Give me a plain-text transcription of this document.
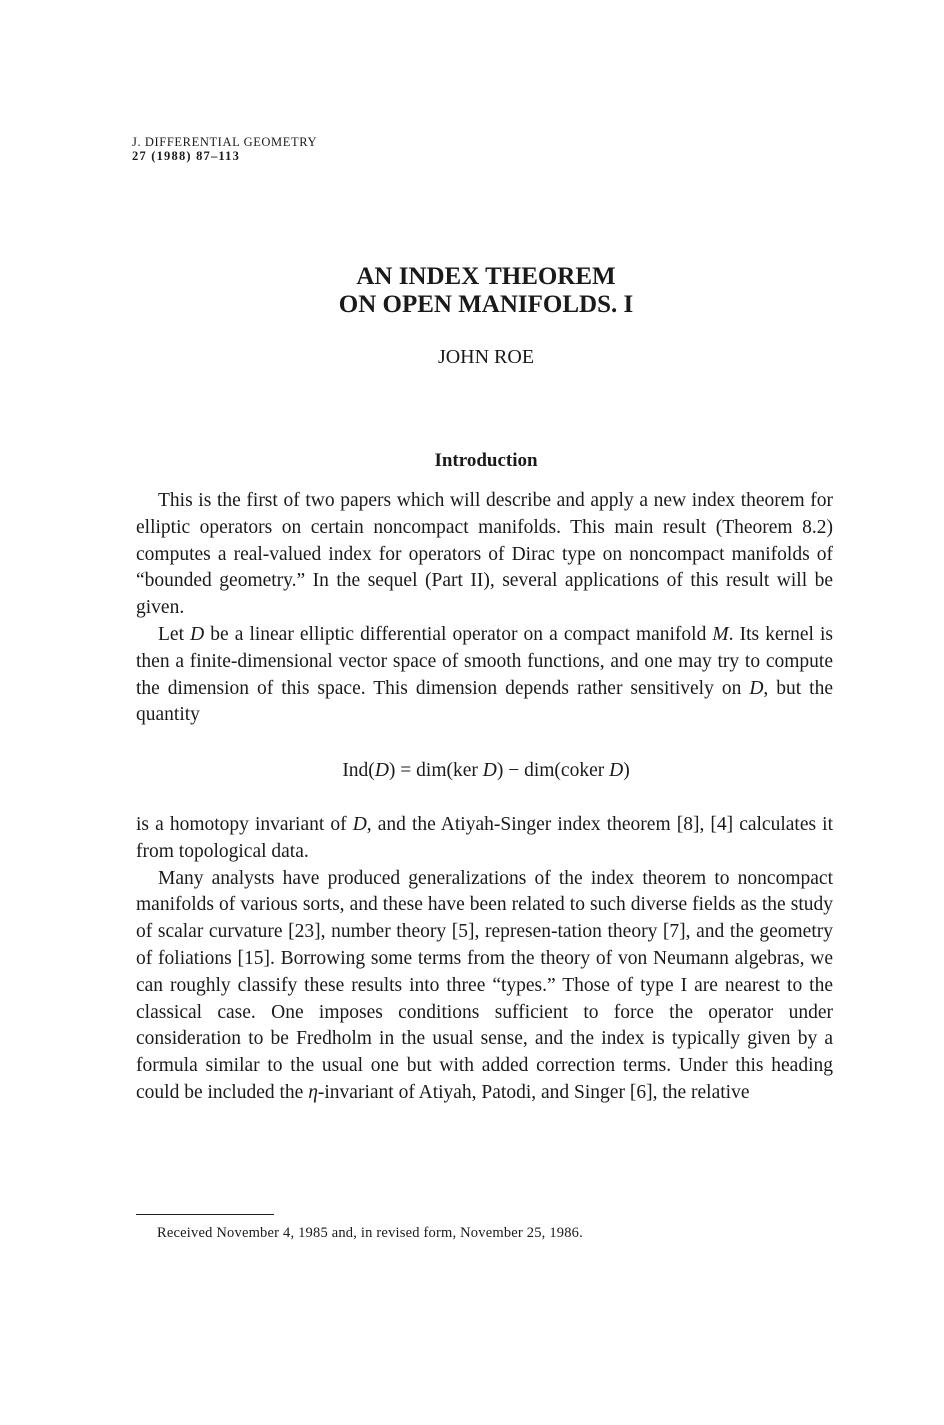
J. DIFFERENTIAL GEOMETRY
27 (1988) 87–113
AN INDEX THEOREM
ON OPEN MANIFOLDS. I
JOHN ROE
Introduction

This is the first of two papers which will describe and apply a new index theorem for elliptic operators on certain noncompact manifolds. This main result (Theorem 8.2) computes a real-valued index for operators of Dirac type on noncompact manifolds of “bounded geometry.” In the sequel (Part II), several applications of this result will be given.

Let D be a linear elliptic differential operator on a compact manifold M. Its kernel is then a finite-dimensional vector space of smooth functions, and one may try to compute the dimension of this space. This dimension depends rather sensitively on D, but the quantity

Ind(D) = dim(ker D) − dim(coker D)

is a homotopy invariant of D, and the Atiyah-Singer index theorem [8], [4] calculates it from topological data.

Many analysts have produced generalizations of the index theorem to noncompact manifolds of various sorts, and these have been related to such diverse fields as the study of scalar curvature [23], number theory [5], represen-tation theory [7], and the geometry of foliations [15]. Borrowing some terms from the theory of von Neumann algebras, we can roughly classify these results into three “types.” Those of type I are nearest to the classical case. One imposes conditions sufficient to force the operator under consideration to be Fredholm in the usual sense, and the index is typically given by a formula similar to the usual one but with added correction terms. Under this heading could be included the η-invariant of Atiyah, Patodi, and Singer [6], the relative

Received November 4, 1985 and, in revised form, November 25, 1986.
